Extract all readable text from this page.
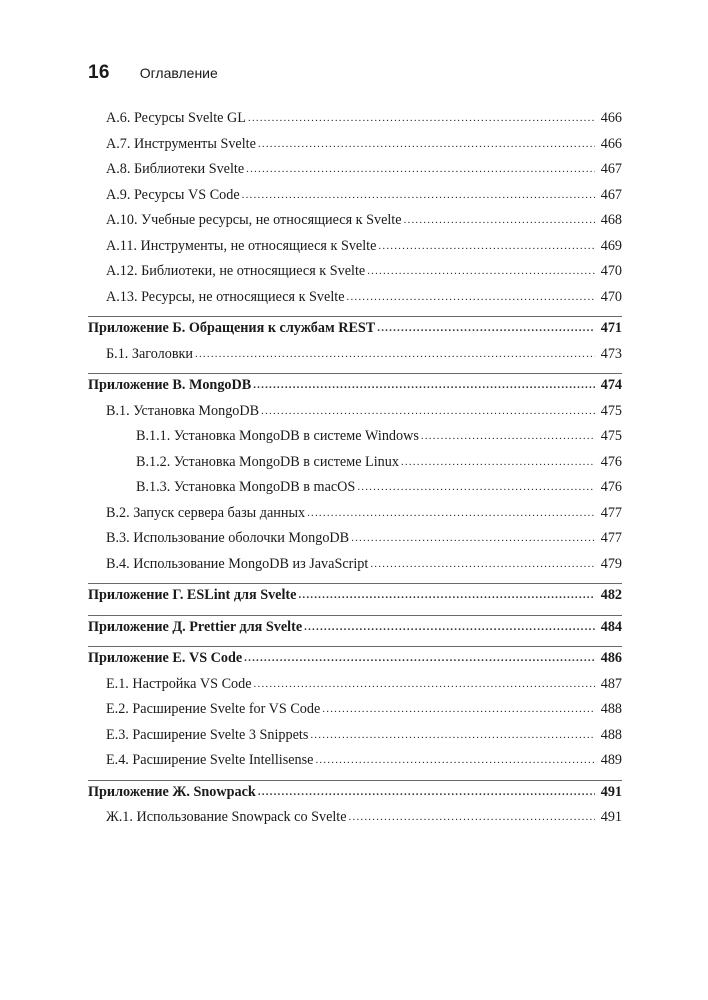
16 Оглавление
А.6. Ресурсы Svelte GL .....	466
А.7. Инструменты Svelte .....	466
А.8. Библиотеки Svelte .....	467
А.9. Ресурсы VS Code .....	467
А.10. Учебные ресурсы, не относящиеся к Svelte .....	468
А.11. Инструменты, не относящиеся к Svelte .....	469
А.12. Библиотеки, не относящиеся к Svelte .....	470
А.13. Ресурсы, не относящиеся к Svelte .....	470
Приложение Б. Обращения к службам REST .....	471
Б.1. Заголовки .....	473
Приложение В. MongoDB .....	474
В.1. Установка MongoDB .....	475
В.1.1. Установка MongoDB в системе Windows .....	475
В.1.2. Установка MongoDB в системе Linux .....	476
В.1.3. Установка MongoDB в macOS .....	476
В.2. Запуск сервера базы данных .....	477
В.3. Использование оболочки MongoDB .....	477
В.4. Использование MongoDB из JavaScript .....	479
Приложение Г. ESLint для Svelte .....	482
Приложение Д. Prettier для Svelte .....	484
Приложение Е. VS Code .....	486
Е.1. Настройка VS Code .....	487
Е.2. Расширение Svelte for VS Code .....	488
Е.3. Расширение Svelte 3 Snippets .....	488
Е.4. Расширение Svelte Intellisense .....	489
Приложение Ж. Snowpack .....	491
Ж.1. Использование Snowpack со Svelte .....	491
